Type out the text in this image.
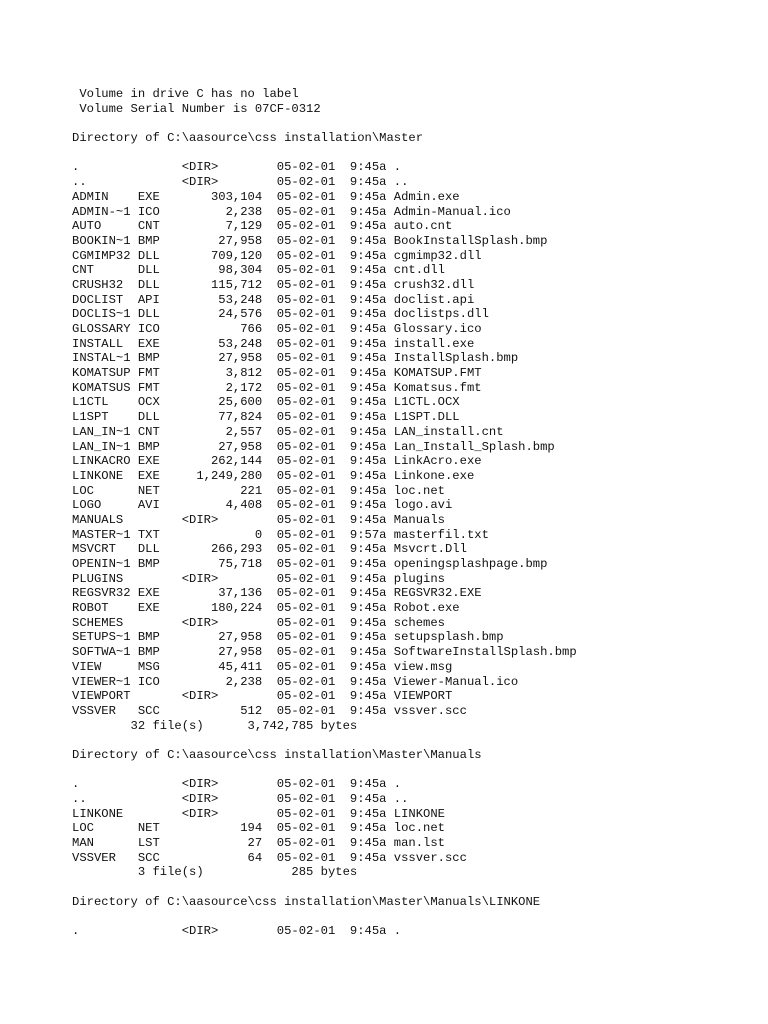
Volume in drive C has no label
Volume Serial Number is 07CF-0312

Directory of C:\aasource\css installation\Master

.              <DIR>        05-02-01  9:45a .
..             <DIR>        05-02-01  9:45a ..
ADMIN    EXE       303,104  05-02-01  9:45a Admin.exe
ADMIN-~1 ICO         2,238  05-02-01  9:45a Admin-Manual.ico
AUTO     CNT         7,129  05-02-01  9:45a auto.cnt
BOOKIN~1 BMP        27,958  05-02-01  9:45a BookInstallSplash.bmp
CGMIMP32 DLL       709,120  05-02-01  9:45a cgmimp32.dll
CNT      DLL        98,304  05-02-01  9:45a cnt.dll
CRUSH32  DLL       115,712  05-02-01  9:45a crush32.dll
DOCLIST  API        53,248  05-02-01  9:45a doclist.api
DOCLIS~1 DLL        24,576  05-02-01  9:45a doclistps.dll
GLOSSARY ICO           766  05-02-01  9:45a Glossary.ico
INSTALL  EXE        53,248  05-02-01  9:45a install.exe
INSTAL~1 BMP        27,958  05-02-01  9:45a InstallSplash.bmp
KOMATSUP FMT         3,812  05-02-01  9:45a KOMATSUP.FMT
KOMATSUS FMT         2,172  05-02-01  9:45a Komatsus.fmt
L1CTL    OCX        25,600  05-02-01  9:45a L1CTL.OCX
L1SPT    DLL        77,824  05-02-01  9:45a L1SPT.DLL
LAN_IN~1 CNT         2,557  05-02-01  9:45a LAN_install.cnt
LAN_IN~1 BMP        27,958  05-02-01  9:45a Lan_Install_Splash.bmp
LINKACRO EXE       262,144  05-02-01  9:45a LinkAcro.exe
LINKONE  EXE     1,249,280  05-02-01  9:45a Linkone.exe
LOC      NET           221  05-02-01  9:45a loc.net
LOGO     AVI         4,408  05-02-01  9:45a logo.avi
MANUALS        <DIR>        05-02-01  9:45a Manuals
MASTER~1 TXT             0  05-02-01  9:57a masterfil.txt
MSVCRT   DLL       266,293  05-02-01  9:45a Msvcrt.Dll
OPENIN~1 BMP        75,718  05-02-01  9:45a openingsplashpage.bmp
PLUGINS        <DIR>        05-02-01  9:45a plugins
REGSVR32 EXE        37,136  05-02-01  9:45a REGSVR32.EXE
ROBOT    EXE       180,224  05-02-01  9:45a Robot.exe
SCHEMES        <DIR>        05-02-01  9:45a schemes
SETUPS~1 BMP        27,958  05-02-01  9:45a setupsplash.bmp
SOFTWA~1 BMP        27,958  05-02-01  9:45a SoftwareInstallSplash.bmp
VIEW     MSG        45,411  05-02-01  9:45a view.msg
VIEWER~1 ICO         2,238  05-02-01  9:45a Viewer-Manual.ico
VIEWPORT       <DIR>        05-02-01  9:45a VIEWPORT
VSSVER   SCC           512  05-02-01  9:45a vssver.scc
32 file(s)      3,742,785 bytes

Directory of C:\aasource\css installation\Master\Manuals

.              <DIR>        05-02-01  9:45a .
..             <DIR>        05-02-01  9:45a ..
LINKONE        <DIR>        05-02-01  9:45a LINKONE
LOC      NET           194  05-02-01  9:45a loc.net
MAN      LST            27  05-02-01  9:45a man.lst
VSSVER   SCC            64  05-02-01  9:45a vssver.scc
3 file(s)            285 bytes

Directory of C:\aasource\css installation\Master\Manuals\LINKONE

.              <DIR>        05-02-01  9:45a .
